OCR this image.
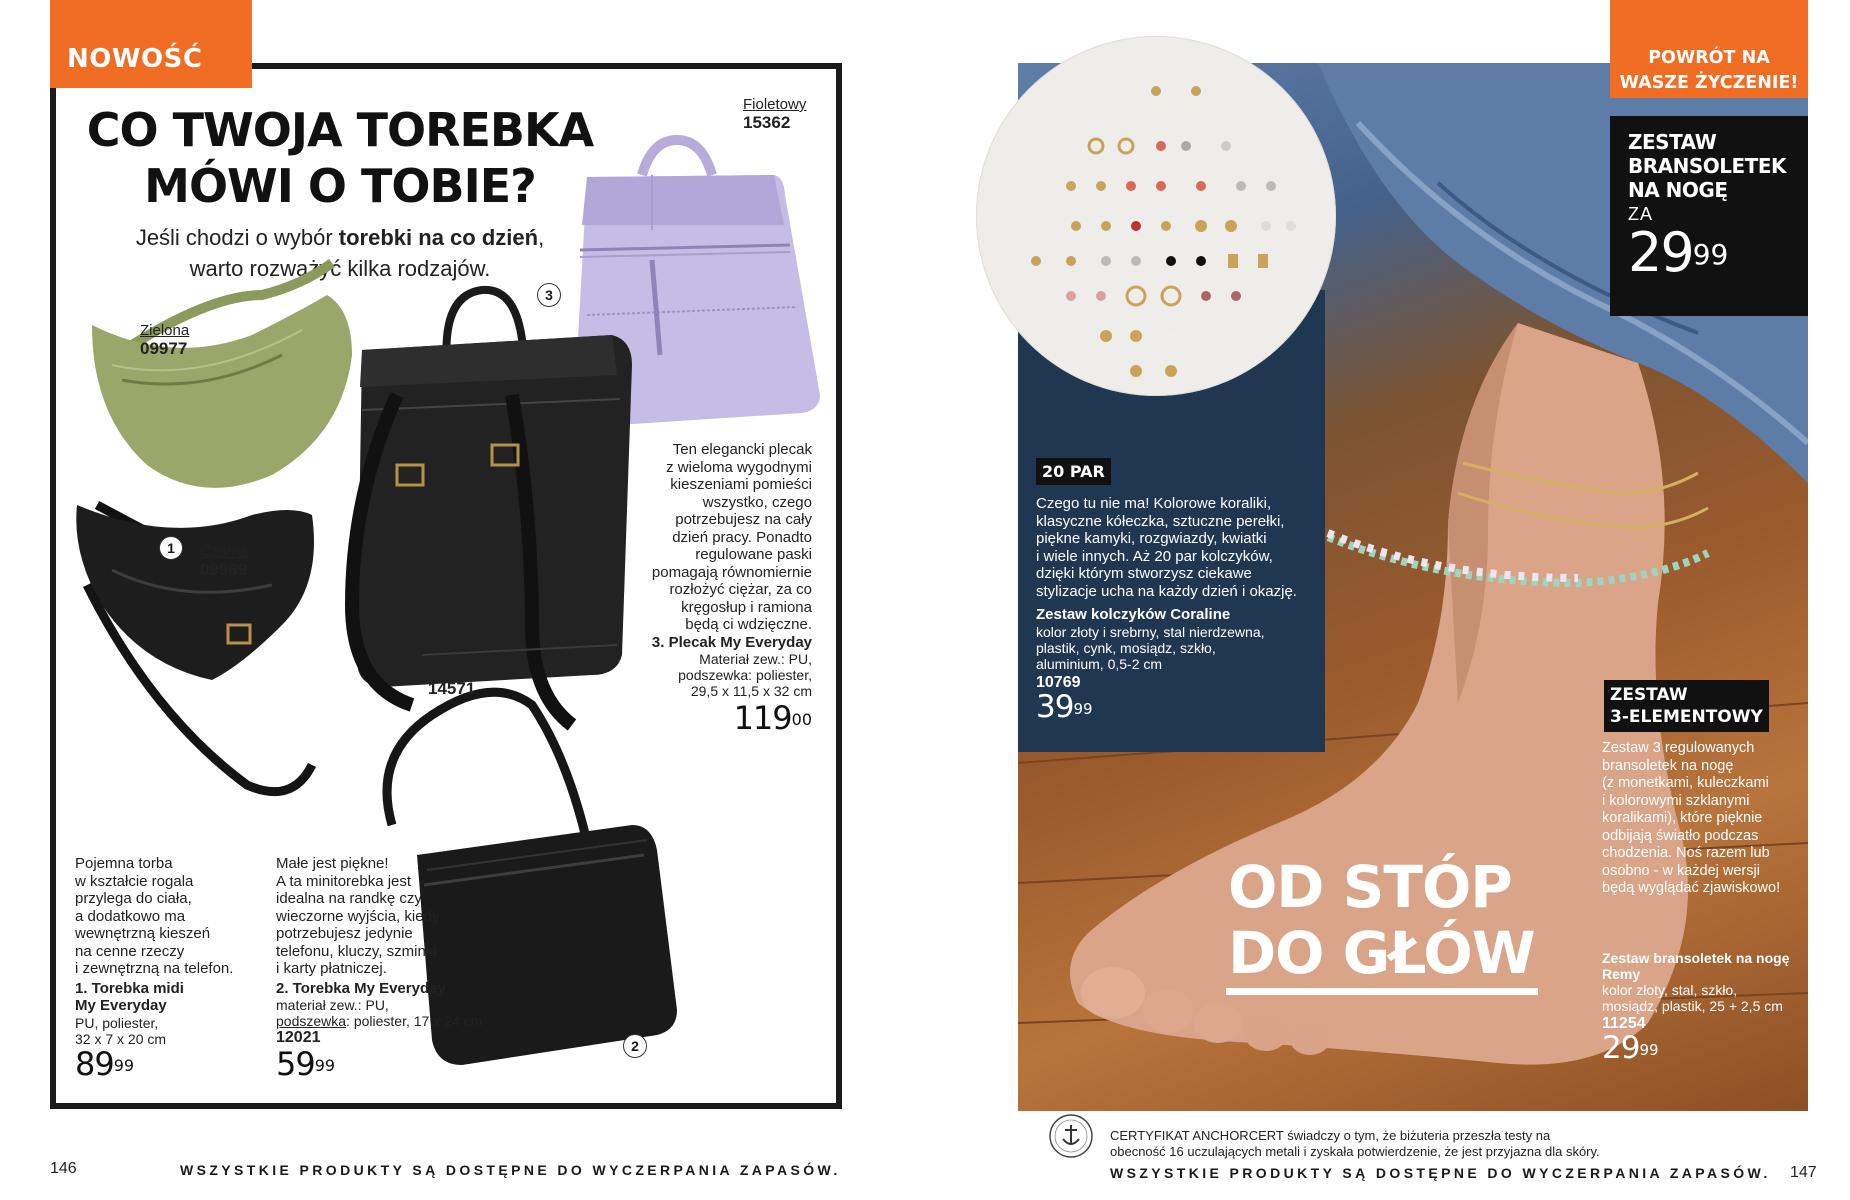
NOWOŚĆ
CO TWOJA TOREBKA
MÓWI O TOBIE?
Jeśli chodzi o wybór torebki na co dzień,
warto rozważyć kilka rodzajów.
Zielona
09977
Czarna
09969
Czarny
14571
Fioletowy
15362
1
2
3
Ten elegancki plecak
z wieloma wygodnymi
kieszeniami pomieści
wszystko, czego
potrzebujesz na cały
dzień pracy. Ponadto
regulowane paski
pomagają równomiernie
rozłożyć ciężar, za co
kręgosłup i ramiona
będą ci wdzięczne.
3. Plecak My Everyday
Materiał zew.: PU,
podszewka: poliester,
29,5 x 11,5 x 32 cm
$119^{00}$
Pojemna torba
w kształcie rogala
przylega do ciała,
a dodatkowo ma
wewnętrzną kieszeń
na cenne rzeczy
i zewnętrzną na telefon.
1. Torebka midi
My Everyday
PU, poliester,
32 x 7 x 20 cm
$89^{99}$
Małe jest piękne!
A ta minitorebka jest
idealna na randkę czy
wieczorne wyjścia, kiedy
potrzebujesz jedynie
telefonu, kluczy, szminki
i karty płatniczej.
2. Torebka My Everyday
materiał zew.: PU,
podszewka: poliester, 17 x 24 cm
12021
$59^{99}$
146	WSZYSTKIE PRODUKTY SĄ DOSTĘPNE DO WYCZERPANIA ZAPASÓW.
20 PAR
Czego tu nie ma! Kolorowe koraliki,
klasyczne kółeczka, sztuczne perełki,
piękne kamyki, rozgwiazdy, kwiatki
i wiele innych. Aż 20 par kolczyków,
dzięki którym stworzysz ciekawe
stylizacje ucha na każdy dzień i okazję.
Zestaw kolczyków Coraline
kolor złoty i srebrny, stal nierdzewna,
plastik, cynk, mosiądz, szkło,
aluminium, 0,5-2 cm
10769
$39^{99}$
POWRÓT NA
WASZE ŻYCZENIE!
ZESTAW
BRANSOLETEK
NA NOGĘ
ZA
$29^{99}$
ZESTAW
3-ELEMENTOWY
Zestaw 3 regulowanych
bransoletek na nogę
(z monetkami, kuleczkami
i kolorowymi szklanymi
koralikami), które pięknie
odbijają światło podczas
chodzenia. Noś razem lub
osobno - w każdej wersji
będą wyglądać zjawiskowo!
Zestaw bransoletek na nogę
Remy
kolor złoty, stal, szkło,
mosiądz, plastik, 25 + 2,5 cm
11254
$29^{99}$
OD STÓP
DO GŁÓW
CERTYFIKAT ANCHORCERT świadczy o tym, że biżuteria przeszła testy na
obecność 16 uczulających metali i zyskała potwierdzenie, że jest przyjazna dla skóry.
WSZYSTKIE PRODUKTY SĄ DOSTĘPNE DO WYCZERPANIA ZAPASÓW. 147
